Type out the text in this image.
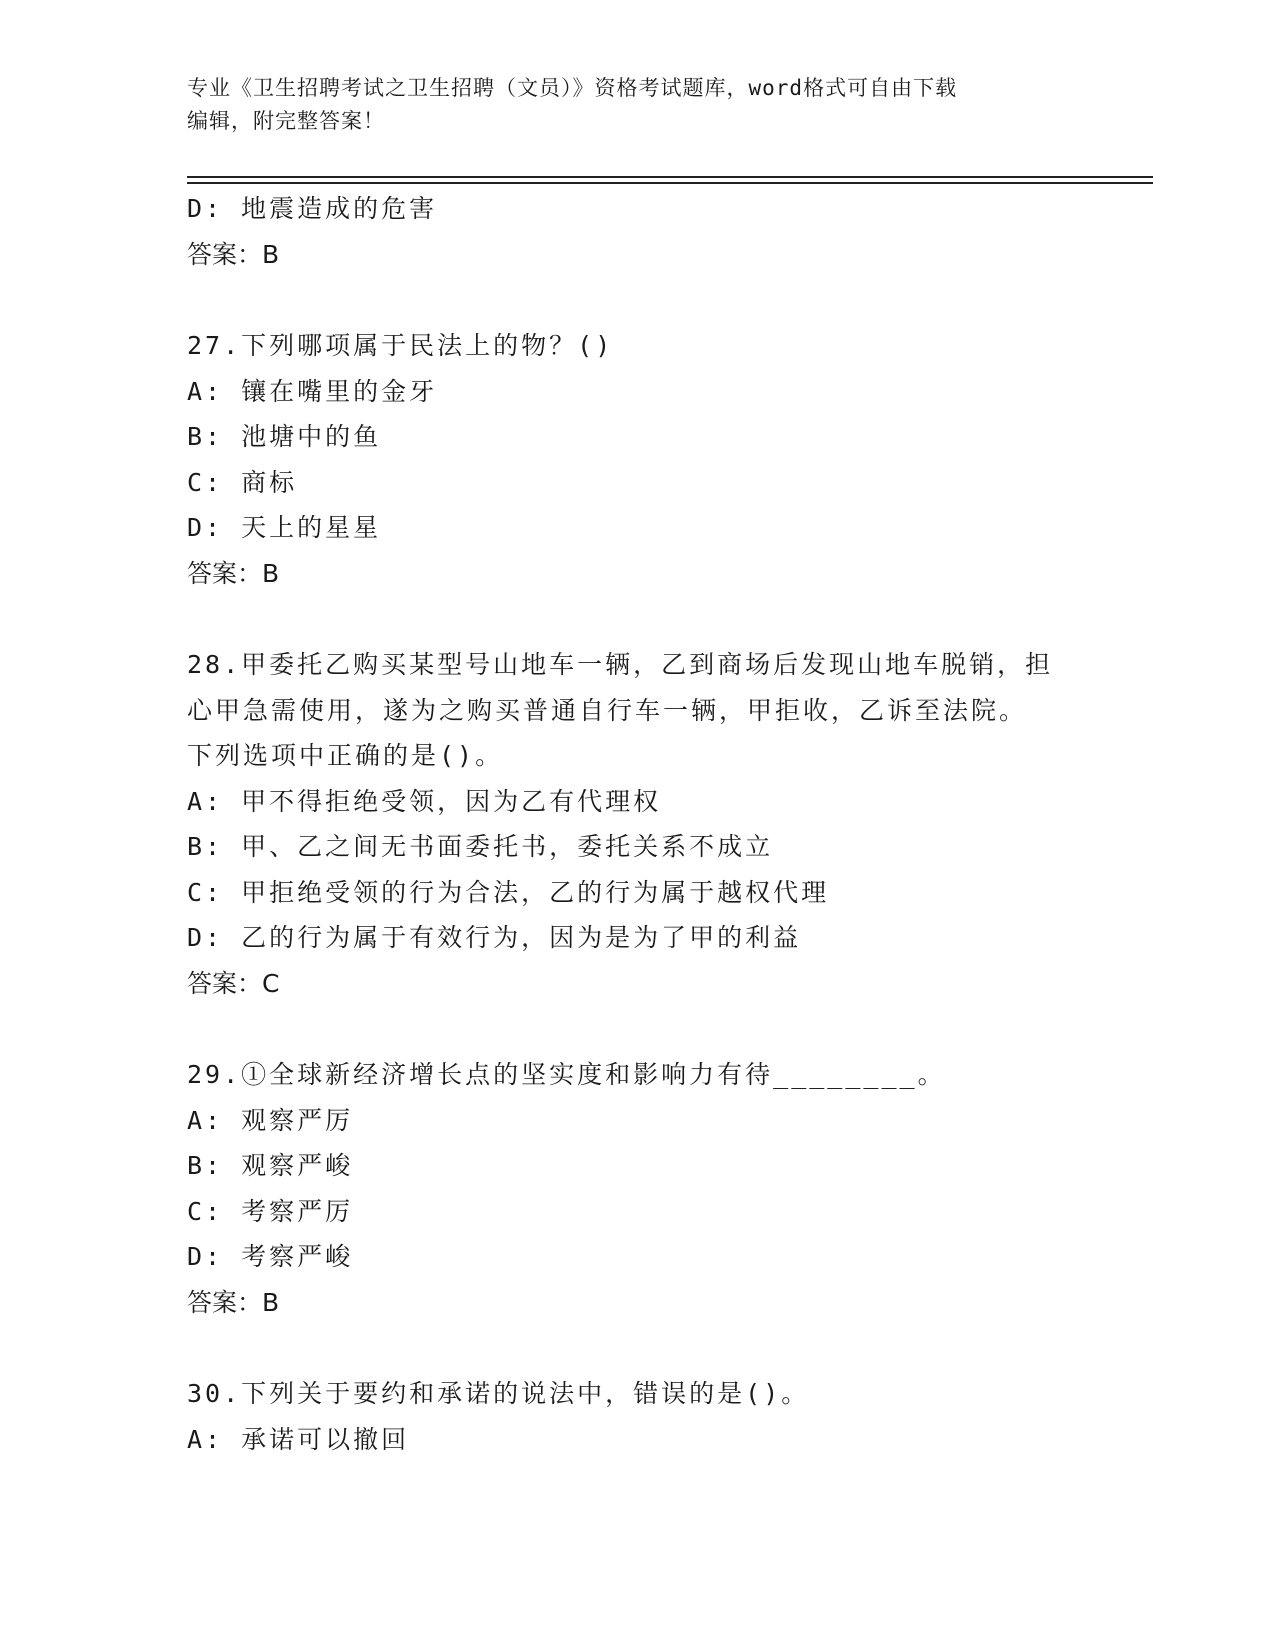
专业《卫生招聘考试之卫生招聘（文员）》资格考试题库，word格式可自由下载
编辑，附完整答案！
D: 地震造成的危害
答案：B
27.下列哪项属于民法上的物？()
A: 镶在嘴里的金牙
B: 池塘中的鱼
C: 商标
D: 天上的星星
答案：B
28.甲委托乙购买某型号山地车一辆，乙到商场后发现山地车脱销，担
心甲急需使用，遂为之购买普通自行车一辆，甲拒收，乙诉至法院。
下列选项中正确的是()。
A: 甲不得拒绝受领，因为乙有代理权
B: 甲、乙之间无书面委托书，委托关系不成立
C: 甲拒绝受领的行为合法，乙的行为属于越权代理
D: 乙的行为属于有效行为，因为是为了甲的利益
答案：C
29.①全球新经济增长点的坚实度和影响力有待________。
A: 观察严厉
B: 观察严峻
C: 考察严厉
D: 考察严峻
答案：B
30.下列关于要约和承诺的说法中，错误的是()。
A: 承诺可以撤回
